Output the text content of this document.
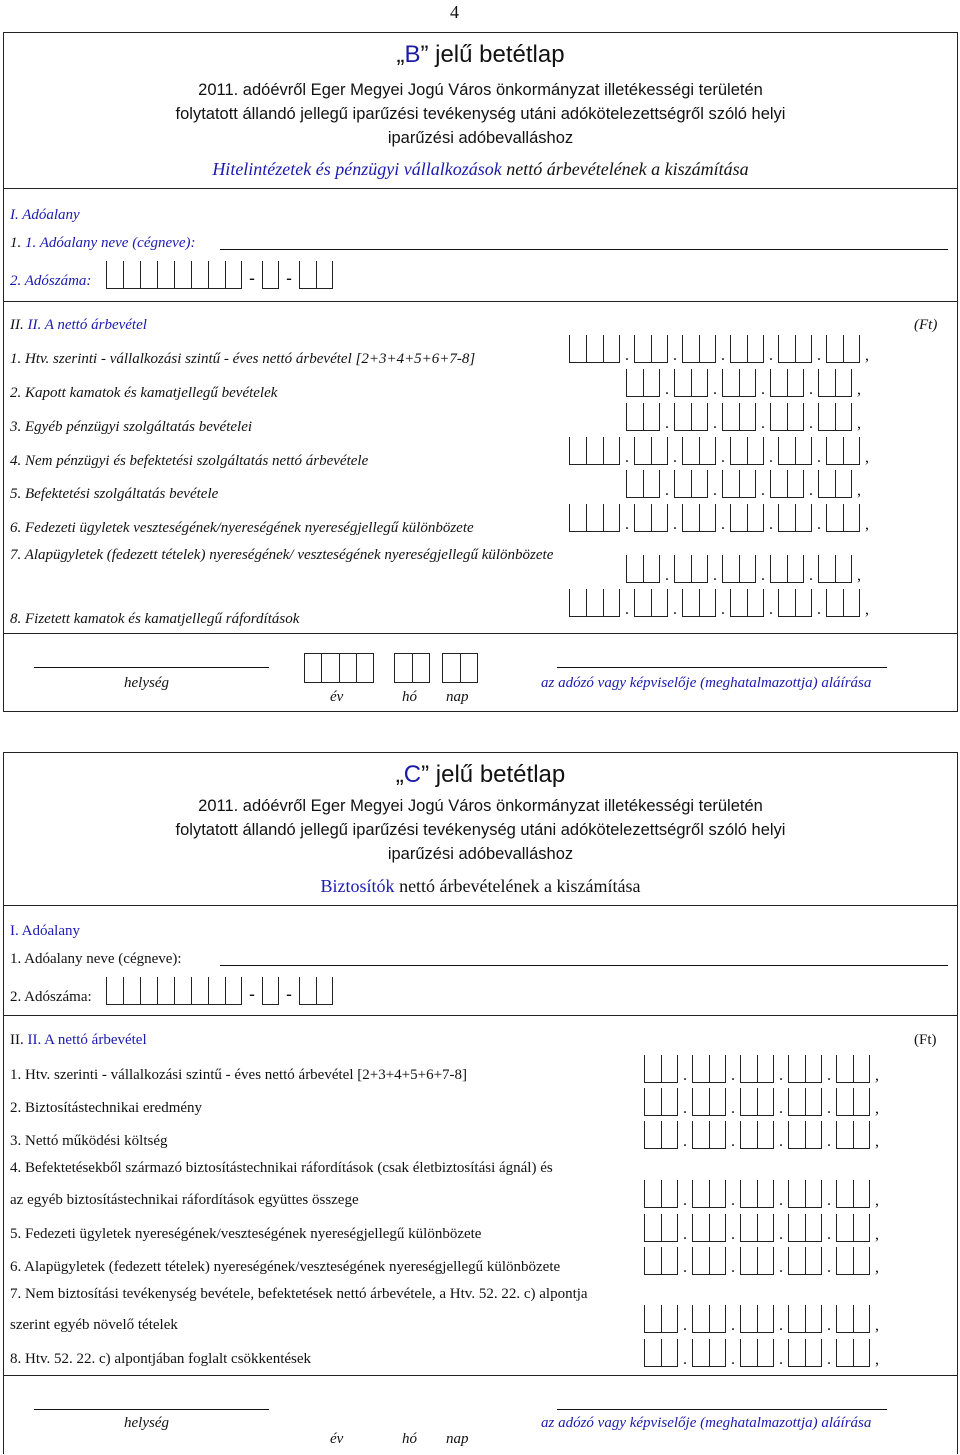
4
„B” jelű betétlap
2011. adóévről Eger Megyei Jogú Város önkormányzat illetékességi területén
folytatott állandó jellegű iparűzési tevékenység utáni adókötelezettségről szóló helyi
iparűzési adóbevalláshoz
Hitelintézetek és pénzügyi vállalkozások nettó árbevételének a kiszámítása
I. Adóalany
1. 1. Adóalany neve (cégneve):
2. Adószáma:	-	-
II. II. A nettó árbevétel	(Ft)
1. Htv. szerinti - vállalkozási szintű - éves nettó árbevétel [2+3+4+5+6+7-8]	.	.	.	.	.	,
2. Kapott kamatok és kamatjellegű bevételek	.	.	.	.	,
3. Egyéb pénzügyi szolgáltatás bevételei	.	.	.	.	,
4. Nem pénzügyi és befektetési szolgáltatás nettó árbevétele	.	.	.	.	.	,
5. Befektetési szolgáltatás bevétele	.	.	.	.	,
6. Fedezeti ügyletek veszteségének/nyereségének nyereségjellegű különbözete	.	.	.	.	.	,
7. Alapügyletek (fedezett tételek) nyereségének/ veszteségének nyereségjellegű különbözete
.	.	.	.	,
8. Fizetett kamatok és kamatjellegű ráfordítások
.	.	.	.	.	,
helység
év	hó nap
az adózó vagy képviselője (meghatalmazottja) aláírása
„C” jelű betétlap
2011. adóévről Eger Megyei Jogú Város önkormányzat illetékességi területén
folytatott állandó jellegű iparűzési tevékenység utáni adókötelezettségről szóló helyi
iparűzési adóbevalláshoz
Biztosítók nettó árbevételének a kiszámítása
I. Adóalany
1. Adóalany neve (cégneve):
2. Adószáma:	-	-
II. II. A nettó árbevétel	(Ft)
1. Htv. szerinti - vállalkozási szintű - éves nettó árbevétel [2+3+4+5+6+7-8]	.	.	.	.	,
2. Biztosítástechnikai eredmény	.	.	.	.	,
3. Nettó működési költség	.	.	.	.	,
4. Befektetésekből származó biztosítástechnikai ráfordítások (csak életbiztosítási ágnál) és
az egyéb biztosítástechnikai ráfordítások együttes összege	.	.	.	.	,
5. Fedezeti ügyletek nyereségének/veszteségének nyereségjellegű különbözete	.	.	.	.	,
6. Alapügyletek (fedezett tételek) nyereségének/veszteségének nyereségjellegű különbözete	.	.	.	.	,
7. Nem biztosítási tevékenység bevétele, befektetések nettó árbevétele, a Htv. 52. 22. c) alpontja
szerint egyéb növelő tételek	.	.	.	.	,
8. Htv. 52. 22. c) alpontjában foglalt csökkentések	.	.	.	.	,
helység
év	hó nap
az adózó vagy képviselője (meghatalmazottja) aláírása
